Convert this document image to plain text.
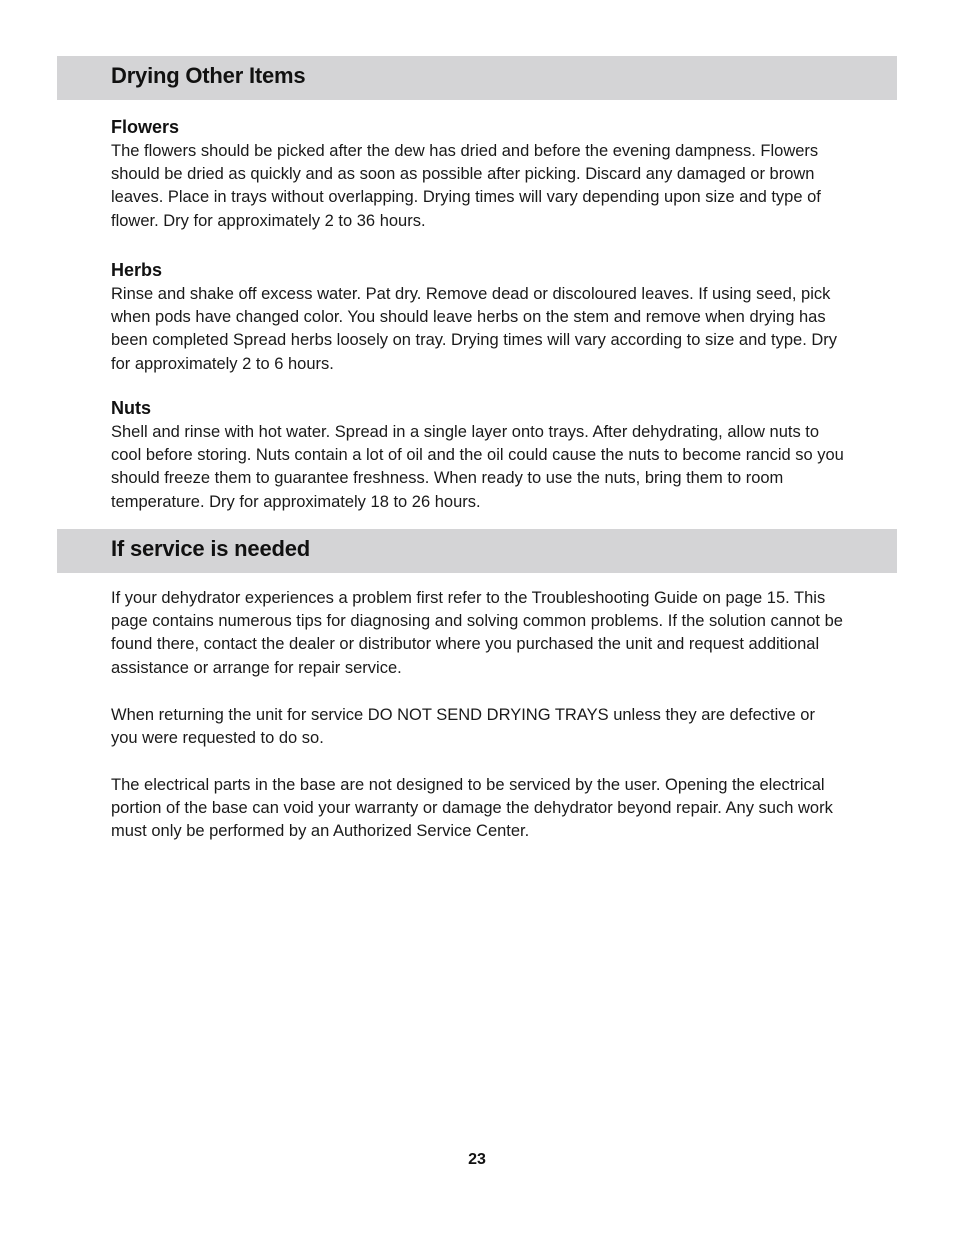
Drying Other Items
Flowers

The flowers should be picked after the dew has dried and before the evening dampness. Flowers should be dried as quickly and as soon as possible after picking. Discard any damaged or brown leaves. Place in trays without overlapping. Drying times will vary depending upon size and type of flower. Dry for approximately 2 to 36 hours.

Herbs

Rinse and shake off excess water. Pat dry. Remove dead or discoloured leaves. If using seed, pick when pods have changed color. You should leave herbs on the stem and remove when drying has been completed Spread herbs loosely on tray. Drying times will vary according to size and type. Dry for approximately 2 to 6 hours.

Nuts

Shell and rinse with hot water. Spread in a single layer onto trays. After dehydrating, allow nuts to cool before storing. Nuts contain a lot of oil and the oil could cause the nuts to become rancid so you should freeze them to guarantee freshness. When ready to use the nuts, bring them to room temperature. Dry for approximately 18 to 26 hours.

If service is needed

If your dehydrator experiences a problem first refer to the Troubleshooting Guide on page 15. This page contains numerous tips for diagnosing and solving common problems. If the solution cannot be found there, contact the dealer or distributor where you purchased the unit and request additional assistance or arrange for repair service.

When returning the unit for service DO NOT SEND DRYING TRAYS unless they are defective or you were requested to do so.

The electrical parts in the base are not designed to be serviced by the user. Opening the electrical portion of the base can void your warranty or damage the dehydrator beyond repair. Any such work must only be performed by an Authorized Service Center.

23
